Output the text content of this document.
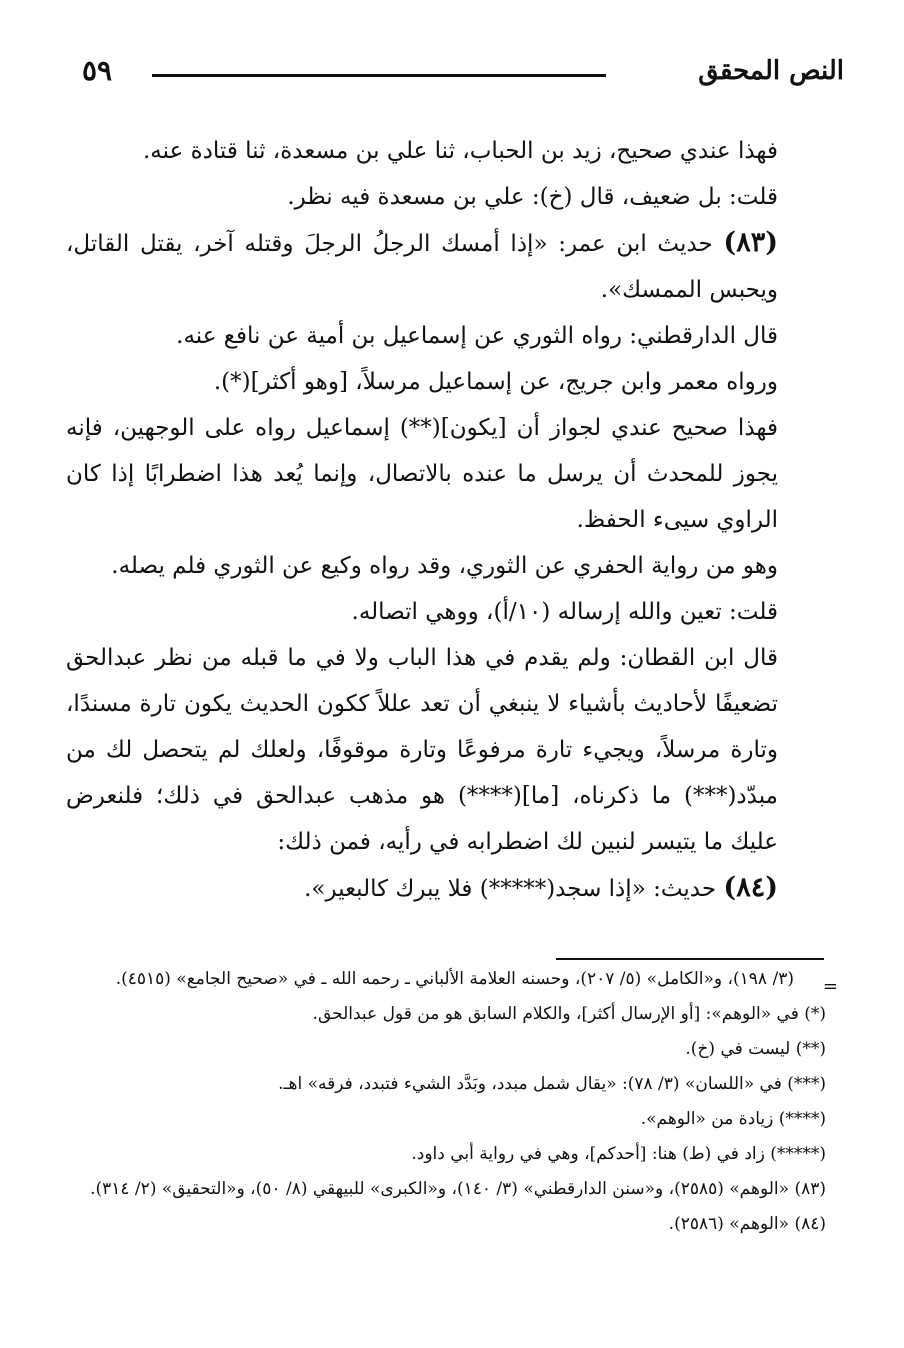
النص المحقق
٥٩

فهذا عندي صحيح، زيد بن الحباب، ثنا علي بن مسعدة، ثنا قتادة عنه.

قلت: بل ضعيف، قال (خ): علي بن مسعدة فيه نظر.

(٨٣) حديث ابن عمر: «إذا أمسك الرجلُ الرجلَ وقتله آخر، يقتل القاتل، ويحبس الممسك».

قال الدارقطني: رواه الثوري عن إسماعيل بن أمية عن نافع عنه.

ورواه معمر وابن جريج، عن إسماعيل مرسلاً، [وهو أكثر](*).

فهذا صحيح عندي لجواز أن [يكون](**) إسماعيل رواه على الوجهين، فإنه يجوز للمحدث أن يرسل ما عنده بالاتصال، وإنما يُعد هذا اضطرابًا إذا كان الراوي سيىء الحفظ.

وهو من رواية الحفري عن الثوري، وقد رواه وكيع عن الثوري فلم يصله.

قلت: تعين والله إرساله (١٠/أ)، ووهي اتصاله.

قال ابن القطان: ولم يقدم في هذا الباب ولا في ما قبله من نظر عبدالحق تضعيفًا لأحاديث بأشياء لا ينبغي أن تعد عللاً ككون الحديث يكون تارة مسندًا، وتارة مرسلاً، ويجيء تارة مرفوعًا وتارة موقوفًا، ولعلك لم يتحصل لك من مبدّد(***) ما ذكرناه، [ما](****) هو مذهب عبدالحق في ذلك؛ فلنعرض عليك ما يتيسر لنبين لك اضطرابه في رأيه، فمن ذلك:

(٨٤) حديث: «إذا سجد(*****) فلا يبرك كالبعير».

=

(٣/ ١٩٨)، و«الكامل» (٥/ ٢٠٧)، وحسنه العلامة الألباني ـ رحمه الله ـ في «صحيح الجامع» (٤٥١٥).

(*) في «الوهم»: [أو الإرسال أكثر]، والكلام السابق هو من قول عبدالحق.

(**) ليست في (خ).

(***) في «اللسان» (٣/ ٧٨): «يقال شمل مبدد، وبَدَّد الشيء فتبدد، فرقه» اهـ.

(****) زيادة من «الوهم».

(*****) زاد في (ط) هنا: [أحدكم]، وهي في رواية أبي داود.

(٨٣) «الوهم» (٢٥٨٥)، و«سنن الدارقطني» (٣/ ١٤٠)، و«الكبرى» للبيهقي (٨/ ٥٠)، و«التحقيق» (٢/ ٣١٤).

(٨٤) «الوهم» (٢٥٨٦).
